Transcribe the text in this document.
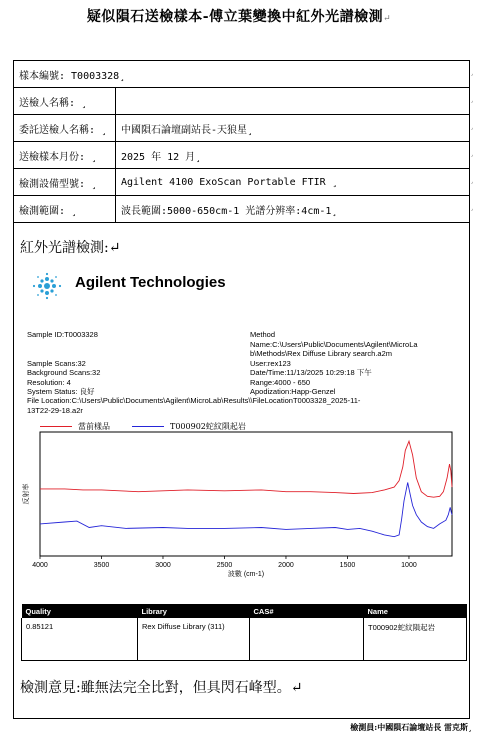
疑似隕石送檢樣本-傅立葉變換中紅外光譜檢測↵
樣本編號: T0003328¸	
送檢人名稱: ¸	
委託送檢人名稱: ¸	中國隕石論壇副站長-天狼星¸
送檢樣本月份: ¸	2025 年 12 月¸
檢測設備型號: ¸	Agilent 4100 ExoScan Portable FTIR ¸
檢測範圍: ¸	波長範圍:5000-650cm-1 光譜分辨率:4cm-1¸
¸
¸
¸
¸
¸
¸
紅外光譜檢測:↵
Agilent Technologies
Sample ID:T0003328
Sample Scans:32
Background Scans:32
Resolution: 4
System Status: 良好
File Location:C:\Users\Public\Documents\Agilent\MicroLab\Results\\FileLocationT0003328_2025-11-
13T22-29-18.a2r
Method
Name:C:\Users\Public\Documents\Agilent\MicroLa
b\Methods\Rex Diffuse Library search.a2m
User:rex123
Date/Time:11/13/2025 10:29:18 下午
Range:4000 - 650
Apodization:Happ-Genzel
當前樣品	T000902蛇紋隕起岩
4000	3500	3000	2500	2000	1500	1000
波數 (cm-1)
反射率
Quality	Library	CAS#	Name
0.85121	Rex Diffuse Library (311)		T000902蛇紋隕起岩
檢測意見:雖無法完全比對，但具閃石峰型。↵
檢測員:中國隕石論壇站長 雷克斯¸
